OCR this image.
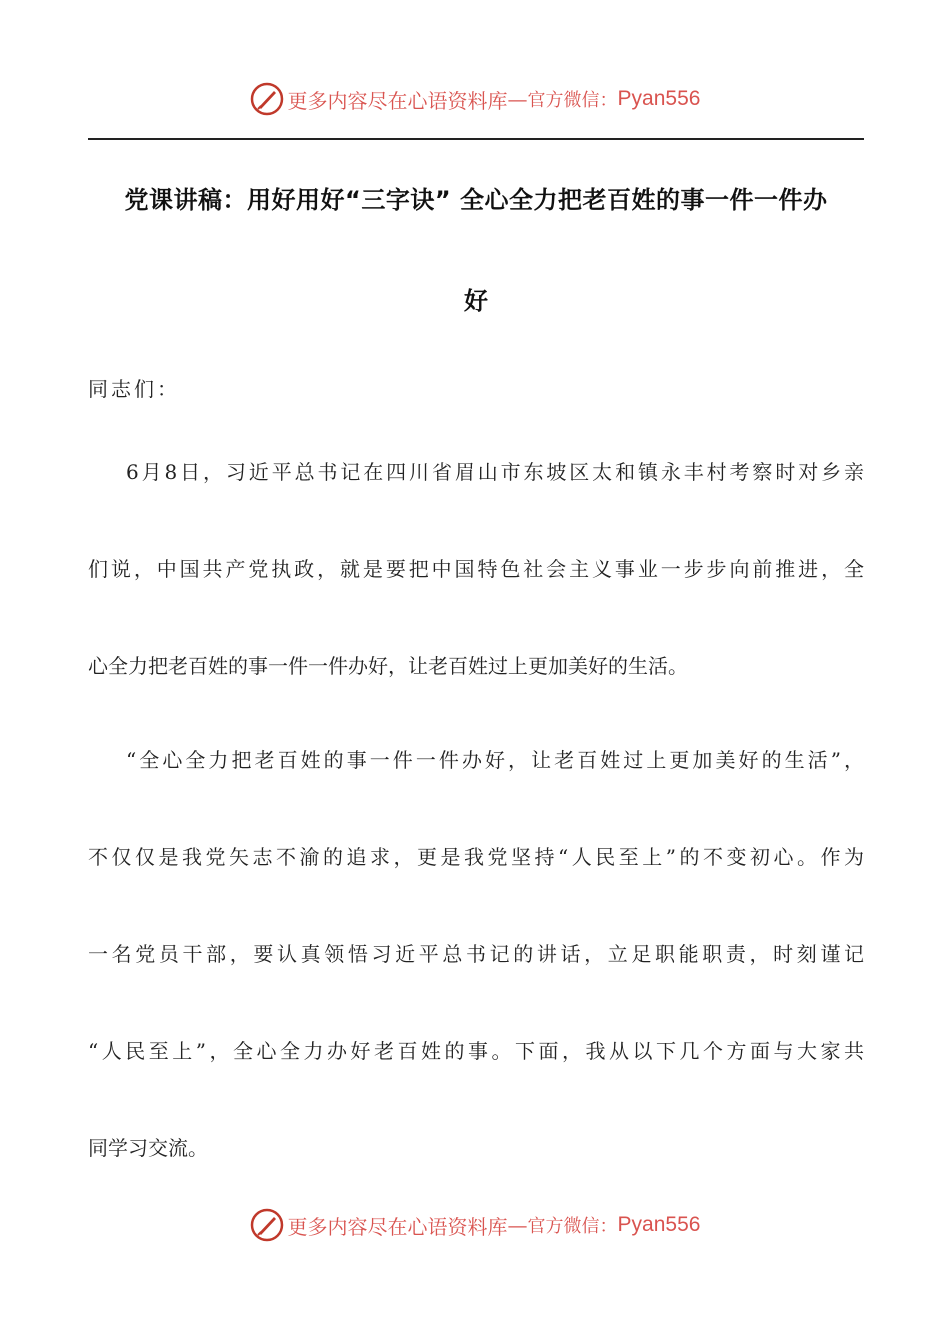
更多内容尽在心语资料库 — 官方微信： Pyan556
党课讲稿：用好用好“三字诀” 全心全力把老百姓的事一件一件办
好
同志们：
6月8日，习近平总书记在四川省眉山市东坡区太和镇永丰村考察时对乡亲
们说，中国共产党执政，就是要把中国特色社会主义事业一步步向前推进，全
心全力把老百姓的事一件一件办好，让老百姓过上更加美好的生活。
“全心全力把老百姓的事一件一件办好，让老百姓过上更加美好的生活”，
不仅仅是我党矢志不渝的追求，更是我党坚持“人民至上”的不变初心。作为
一名党员干部，要认真领悟习近平总书记的讲话，立足职能职责，时刻谨记
“人民至上”，全心全力办好老百姓的事。下面，我从以下几个方面与大家共
同学习交流。
更多内容尽在心语资料库 — 官方微信： Pyan556
